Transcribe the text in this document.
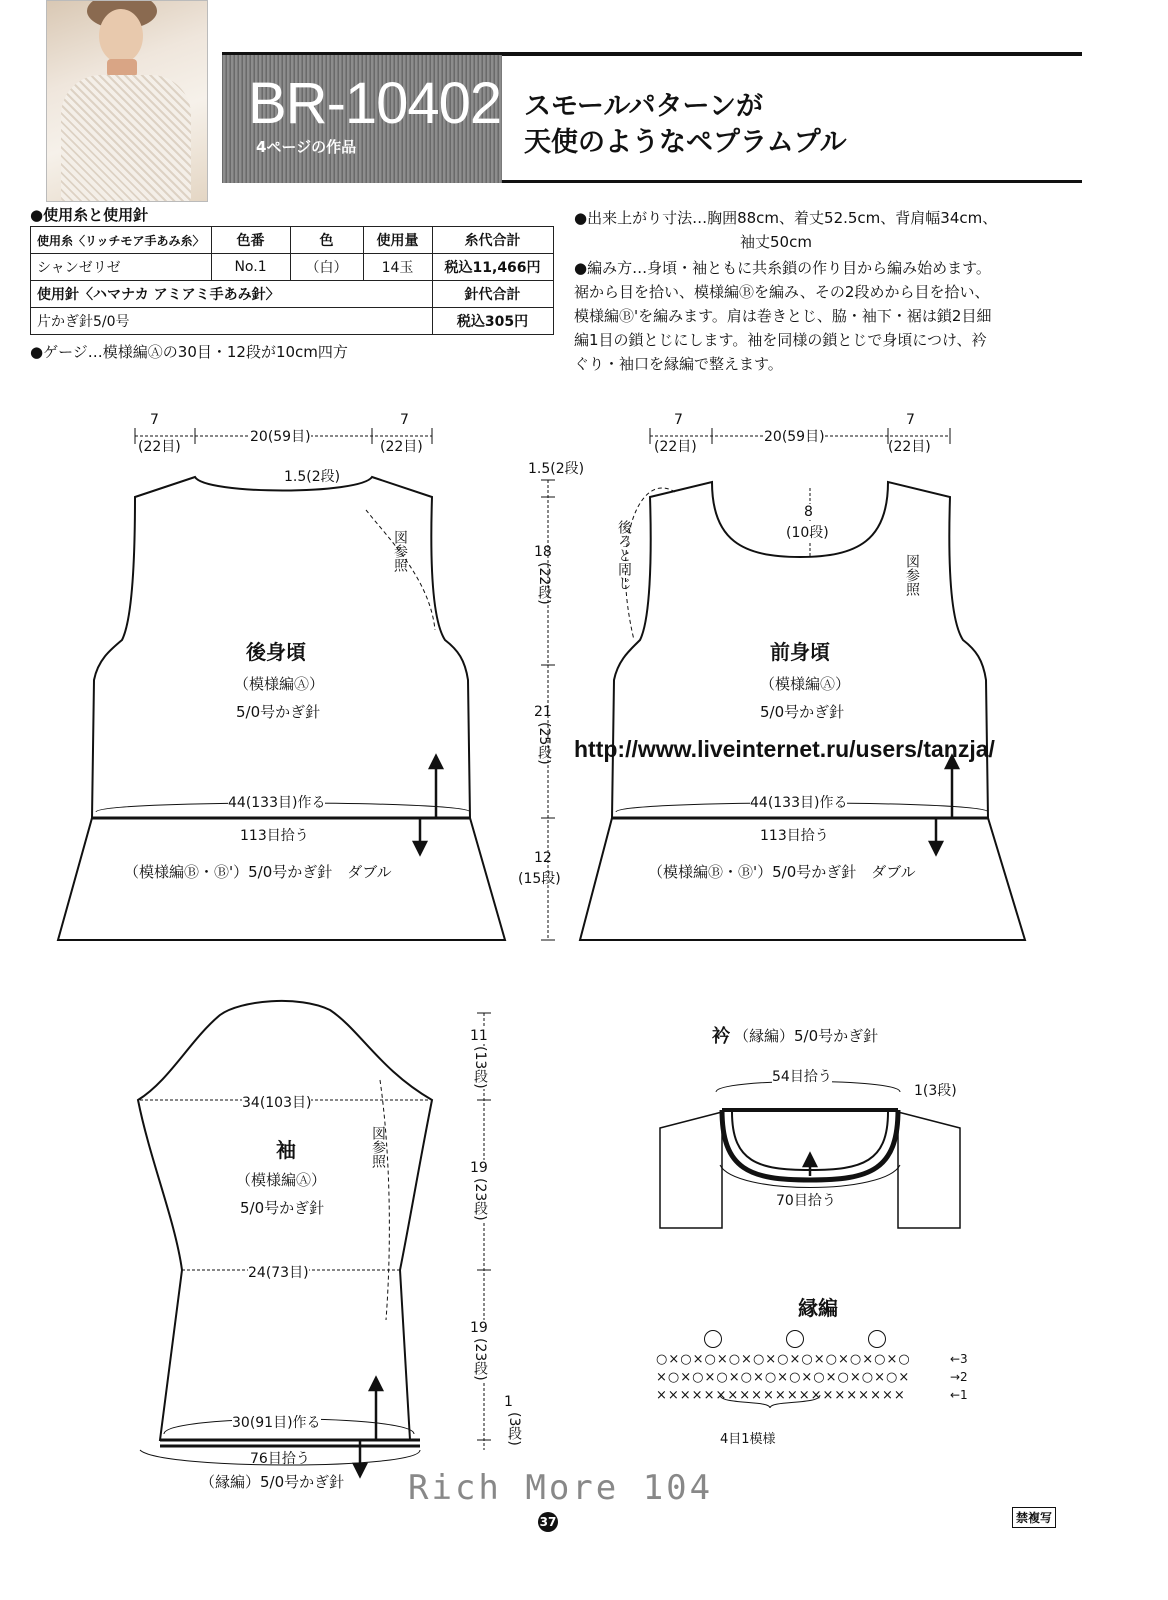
BR-10402
4ページの作品
スモールパターンが
天使のようなペプラムプル
●使用糸と使用針
使用糸〈リッチモア手あみ糸〉	色番	色	使用量	糸代合計
シャンゼリゼ	No.1	（白）	14玉	税込11,466円
使用針〈ハマナカ アミアミ手あみ針〉				針代合計
片かぎ針5/0号				税込305円
●ゲージ…模様編Ⓐの30目・12段が10cm四方
●出来上がり寸法…胸囲88cm、着丈52.5cm、背肩幅34cm、
袖丈50cm
●編み方…身頃・袖ともに共糸鎖の作り目から編み始めます。
裾から目を拾い、模様編Ⓑを編み、その2段めから目を拾い、
模様編Ⓑ'を編みます。肩は巻きとじ、脇・袖下・裾は鎖2目細
編1目の鎖とじにします。袖を同様の鎖とじで身頃につけ、衿
ぐり・袖口を縁編で整えます。
7
(22目)
20(59目)
7
(22目)
1.5(2段)
図参照
後身頃
（模様編Ⓐ）
5/0号かぎ針
44(133目)作る
113目拾う
（模様編Ⓑ・Ⓑ'）5/0号かぎ針　ダブル
1.5(2段)
18
(22段)
21
(25段)
12
(15段)
7
(22目)
20(59目)
7
(22目)
8
(10段)
後ろと同じ	図参照
前身頃
（模様編Ⓐ）
5/0号かぎ針
44(133目)作る
113目拾う
（模様編Ⓑ・Ⓑ'）5/0号かぎ針　ダブル
http://www.liveinternet.ru/users/tanzja/
34(103目)
袖
（模様編Ⓐ）
5/0号かぎ針
図参照
24(73目)
30(91目)作る
76目拾う
（縁編）5/0号かぎ針
11
(13段)
19
(23段)
19
(23段)
1
(3段)
衿 （縁編）5/0号かぎ針
54目拾う
1(3段)
70目拾う
縁編
○×○×○×○×○×○×○×○×○×○×○
×○×○×○×○×○×○×○×○×○×○×
×××××××××××××××××××××
←3
→2
←1
4目1模様
Rich More 104
37	禁複写
